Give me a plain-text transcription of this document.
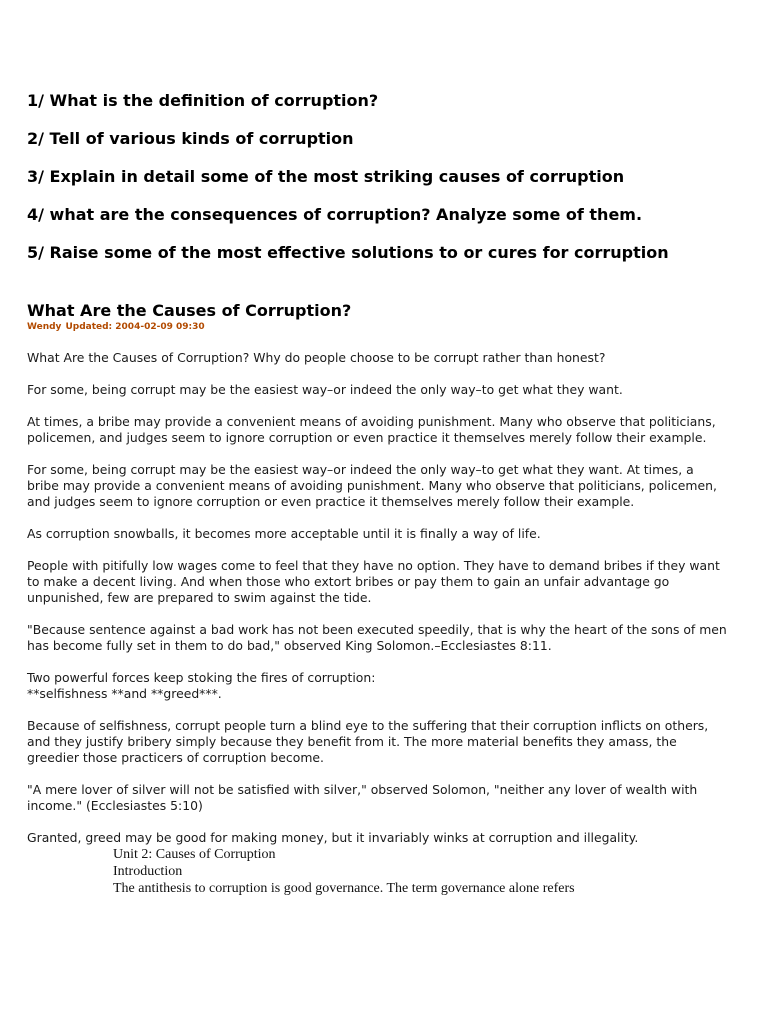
1/ What is the definition of corruption?
2/ Tell of various kinds of corruption
3/ Explain in detail some of the most striking causes of corruption
4/ what are the consequences of corruption? Analyze some of them.
5/ Raise some of the most effective solutions to or cures for corruption
What Are the Causes of Corruption?

Wendy Updated: 2004-02-09 09:30

What Are the Causes of Corruption? Why do people choose to be corrupt rather than honest?

For some, being corrupt may be the easiest way–or indeed the only way–to get what they want.

At times, a bribe may provide a convenient means of avoiding punishment. Many who observe that politicians,
policemen, and judges seem to ignore corruption or even practice it themselves merely follow their example.

For some, being corrupt may be the easiest way–or indeed the only way–to get what they want. At times, a
bribe may provide a convenient means of avoiding punishment. Many who observe that politicians, policemen,
and judges seem to ignore corruption or even practice it themselves merely follow their example.

As corruption snowballs, it becomes more acceptable until it is finally a way of life.

People with pitifully low wages come to feel that they have no option. They have to demand bribes if they want
to make a decent living. And when those who extort bribes or pay them to gain an unfair advantage go
unpunished, few are prepared to swim against the tide.

"Because sentence against a bad work has not been executed speedily, that is why the heart of the sons of men
has become fully set in them to do bad," observed King Solomon.–Ecclesiastes 8:11.

Two powerful forces keep stoking the fires of corruption:
**selfishness **and **greed***.

Because of selfishness, corrupt people turn a blind eye to the suffering that their corruption inflicts on others,
and they justify bribery simply because they benefit from it. The more material benefits they amass, the
greedier those practicers of corruption become.

"A mere lover of silver will not be satisfied with silver," observed Solomon, "neither any lover of wealth with
income." (Ecclesiastes 5:10)

Granted, greed may be good for making money, but it invariably winks at corruption and illegality.

Unit 2: Causes of Corruption
Introduction
The antithesis to corruption is good governance. The term governance alone refers
